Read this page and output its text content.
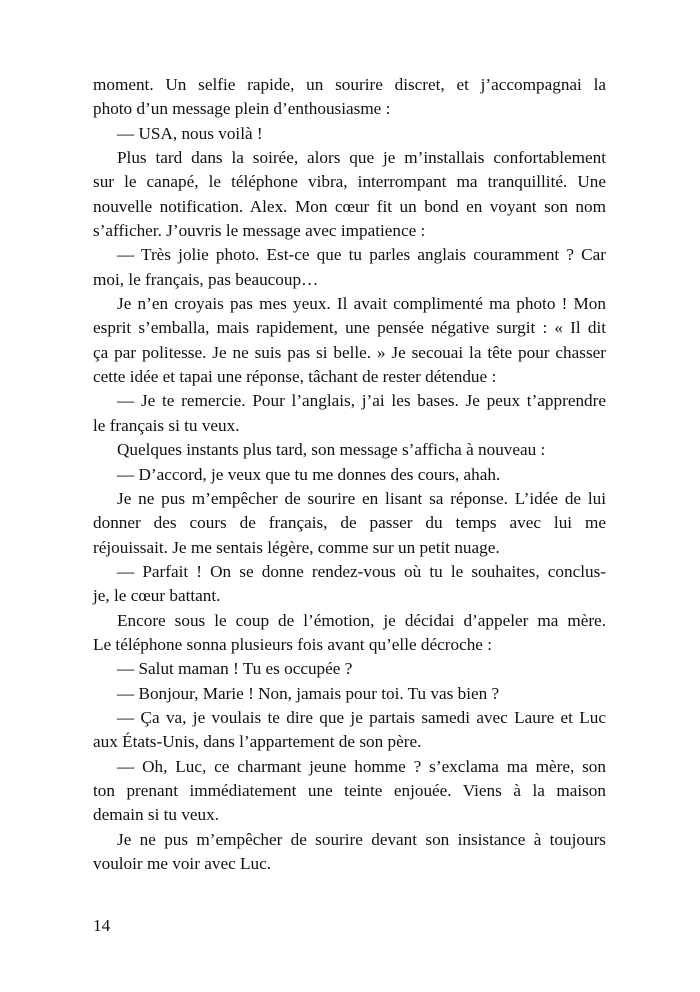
moment. Un selfie rapide, un sourire discret, et j’accompagnai la
photo d’un message plein d’enthousiasme :
— USA, nous voilà !
Plus tard dans la soirée, alors que je m’installais confortablement
sur le canapé, le téléphone vibra, interrompant ma tranquillité. Une
nouvelle notification. Alex. Mon cœur fit un bond en voyant son nom
s’afficher. J’ouvris le message avec impatience :
— Très jolie photo. Est-ce que tu parles anglais couramment ? Car
moi, le français, pas beaucoup…
Je n’en croyais pas mes yeux. Il avait complimenté ma photo ! Mon
esprit s’emballa, mais rapidement, une pensée négative surgit : « Il dit
ça par politesse. Je ne suis pas si belle. » Je secouai la tête pour chasser
cette idée et tapai une réponse, tâchant de rester détendue :
— Je te remercie. Pour l’anglais, j’ai les bases. Je peux t’apprendre
le français si tu veux.
Quelques instants plus tard, son message s’afficha à nouveau :
— D’accord, je veux que tu me donnes des cours, ahah.
Je ne pus m’empêcher de sourire en lisant sa réponse. L’idée de lui
donner des cours de français, de passer du temps avec lui me
réjouissait. Je me sentais légère, comme sur un petit nuage.
— Parfait ! On se donne rendez-vous où tu le souhaites, conclus-
je, le cœur battant.
Encore sous le coup de l’émotion, je décidai d’appeler ma mère.
Le téléphone sonna plusieurs fois avant qu’elle décroche :
— Salut maman ! Tu es occupée ?
— Bonjour, Marie ! Non, jamais pour toi. Tu vas bien ?
— Ça va, je voulais te dire que je partais samedi avec Laure et Luc
aux États-Unis, dans l’appartement de son père.
— Oh, Luc, ce charmant jeune homme ? s’exclama ma mère, son
ton prenant immédiatement une teinte enjouée. Viens à la maison
demain si tu veux.
Je ne pus m’empêcher de sourire devant son insistance à toujours
vouloir me voir avec Luc.
14
